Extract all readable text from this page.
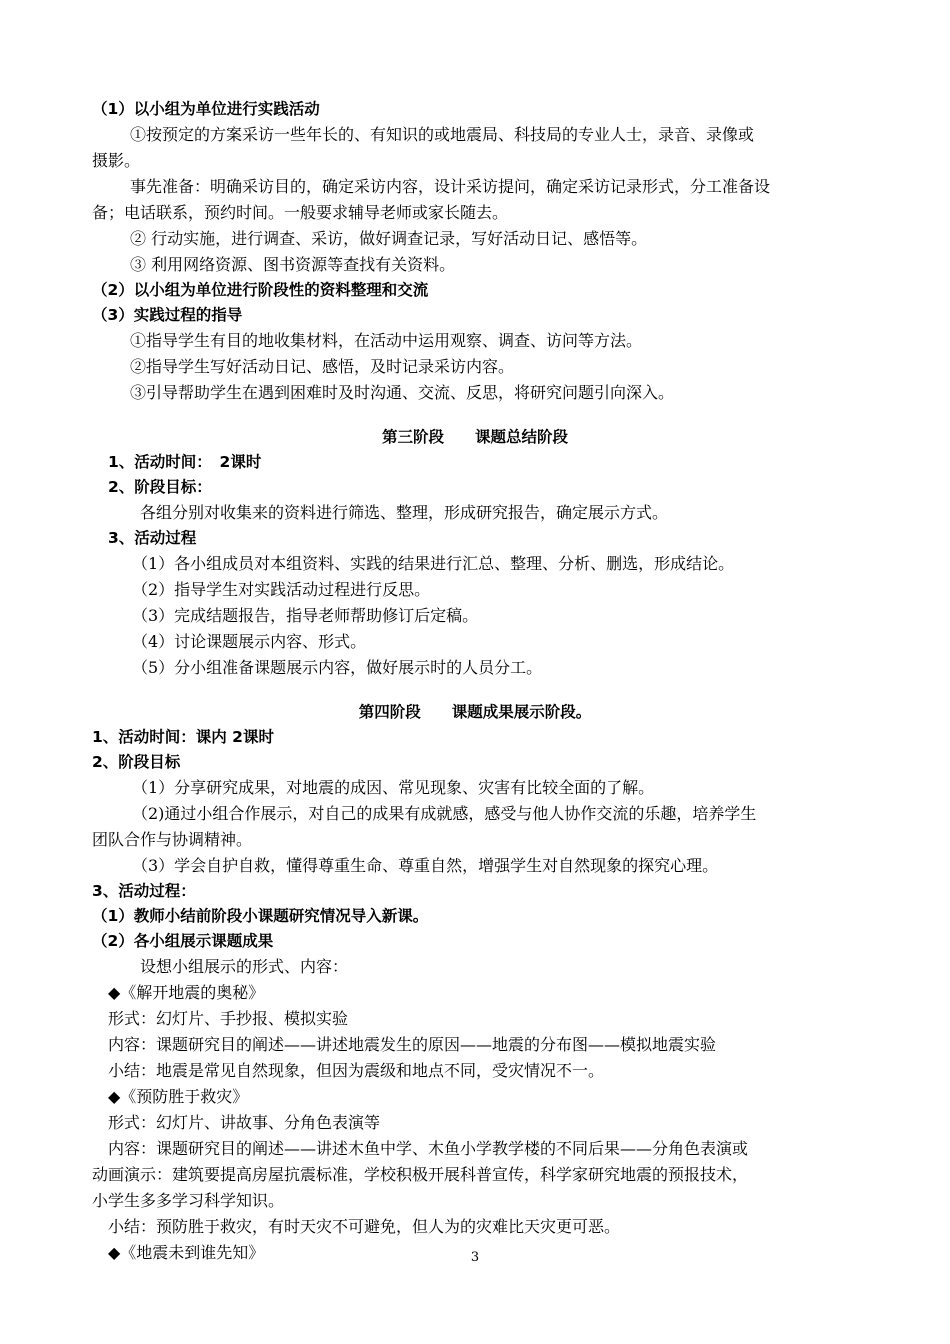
（1）以小组为单位进行实践活动
①按预定的方案采访一些年长的、有知识的或地震局、科技局的专业人士，录音、录像或
摄影。
事先准备：明确采访目的，确定采访内容，设计采访提问，确定采访记录形式，分工准备设
备；电话联系，预约时间。一般要求辅导老师或家长随去。
② 行动实施，进行调查、采访，做好调查记录，写好活动日记、感悟等。
③ 利用网络资源、图书资源等查找有关资料。
（2）以小组为单位进行阶段性的资料整理和交流
（3）实践过程的指导
①指导学生有目的地收集材料，在活动中运用观察、调查、访问等方法。
②指导学生写好活动日记、感悟，及时记录采访内容。
③引导帮助学生在遇到困难时及时沟通、交流、反思，将研究问题引向深入。
第三阶段　　课题总结阶段
1、活动时间：　2课时
2、阶段目标：
各组分别对收集来的资料进行筛选、整理，形成研究报告，确定展示方式。
3、活动过程
（1）各小组成员对本组资料、实践的结果进行汇总、整理、分析、删选，形成结论。
（2）指导学生对实践活动过程进行反思。
（3）完成结题报告，指导老师帮助修订后定稿。
（4）讨论课题展示内容、形式。
（5）分小组准备课题展示内容，做好展示时的人员分工。
第四阶段　　课题成果展示阶段。
1、活动时间：课内 2课时
2、阶段目标
（1）分享研究成果，对地震的成因、常见现象、灾害有比较全面的了解。
（2)通过小组合作展示，对自己的成果有成就感，感受与他人协作交流的乐趣，培养学生
团队合作与协调精神。
（3）学会自护自救，懂得尊重生命、尊重自然，增强学生对自然现象的探究心理。
3、活动过程：
（1）教师小结前阶段小课题研究情况导入新课。
（2）各小组展示课题成果
设想小组展示的形式、内容：
◆《解开地震的奥秘》
形式：幻灯片、手抄报、模拟实验
内容：课题研究目的阐述——讲述地震发生的原因——地震的分布图——模拟地震实验
小结：地震是常见自然现象，但因为震级和地点不同，受灾情况不一。
◆《预防胜于救灾》
形式：幻灯片、讲故事、分角色表演等
内容：课题研究目的阐述——讲述木鱼中学、木鱼小学教学楼的不同后果——分角色表演或
动画演示：建筑要提高房屋抗震标准，学校积极开展科普宣传，科学家研究地震的预报技术，
小学生多多学习科学知识。
小结：预防胜于救灾，有时天灾不可避免，但人为的灾难比天灾更可恶。
◆《地震未到谁先知》	3
